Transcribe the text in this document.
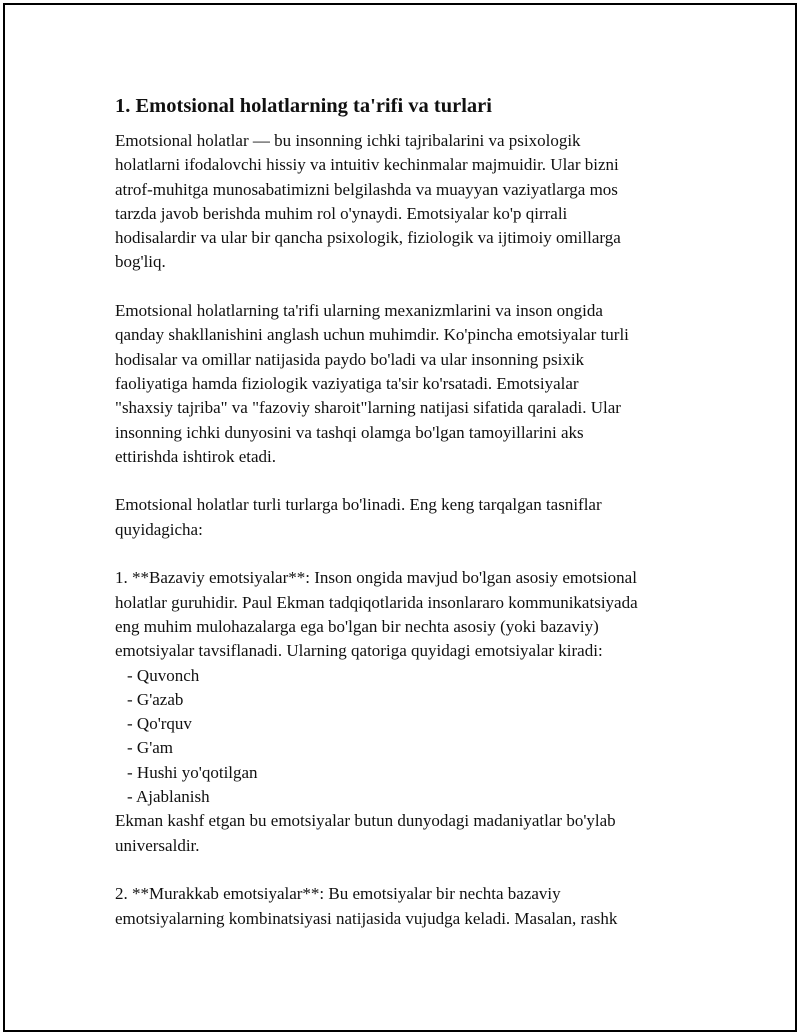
1. Emotsional holatlarning ta'rifi va turlari

Emotsional holatlar — bu insonning ichki tajribalarini va psixologik

holatlarni ifodalovchi hissiy va intuitiv kechinmalar majmuidir. Ular bizni

atrof-muhitga munosabatimizni belgilashda va muayyan vaziyatlarga mos

tarzda javob berishda muhim rol o'ynaydi. Emotsiyalar ko'p qirrali

hodisalardir va ular bir qancha psixologik, fiziologik va ijtimoiy omillarga

bog'liq.

Emotsional holatlarning ta'rifi ularning mexanizmlarini va inson ongida

qanday shakllanishini anglash uchun muhimdir. Ko'pincha emotsiyalar turli

hodisalar va omillar natijasida paydo bo'ladi va ular insonning psixik

faoliyatiga hamda fiziologik vaziyatiga ta'sir ko'rsatadi. Emotsiyalar

"shaxsiy tajriba" va "fazoviy sharoit"larning natijasi sifatida qaraladi. Ular

insonning ichki dunyosini va tashqi olamga bo'lgan tamoyillarini aks

ettirishda ishtirok etadi.

Emotsional holatlar turli turlarga bo'linadi. Eng keng tarqalgan tasniflar

quyidagicha:

1. **Bazaviy emotsiyalar**: Inson ongida mavjud bo'lgan asosiy emotsional

holatlar guruhidir. Paul Ekman tadqiqotlarida insonlararo kommunikatsiyada

eng muhim mulohazalarga ega bo'lgan bir nechta asosiy (yoki bazaviy)

emotsiyalar tavsiflanadi. Ularning qatoriga quyidagi emotsiyalar kiradi:

- Quvonch

- G'azab

- Qo'rquv

- G'am

- Hushi yo'qotilgan

- Ajablanish

Ekman kashf etgan bu emotsiyalar butun dunyodagi madaniyatlar bo'ylab

universaldir.

2. **Murakkab emotsiyalar**: Bu emotsiyalar bir nechta bazaviy

emotsiyalarning kombinatsiyasi natijasida vujudga keladi. Masalan, rashk
